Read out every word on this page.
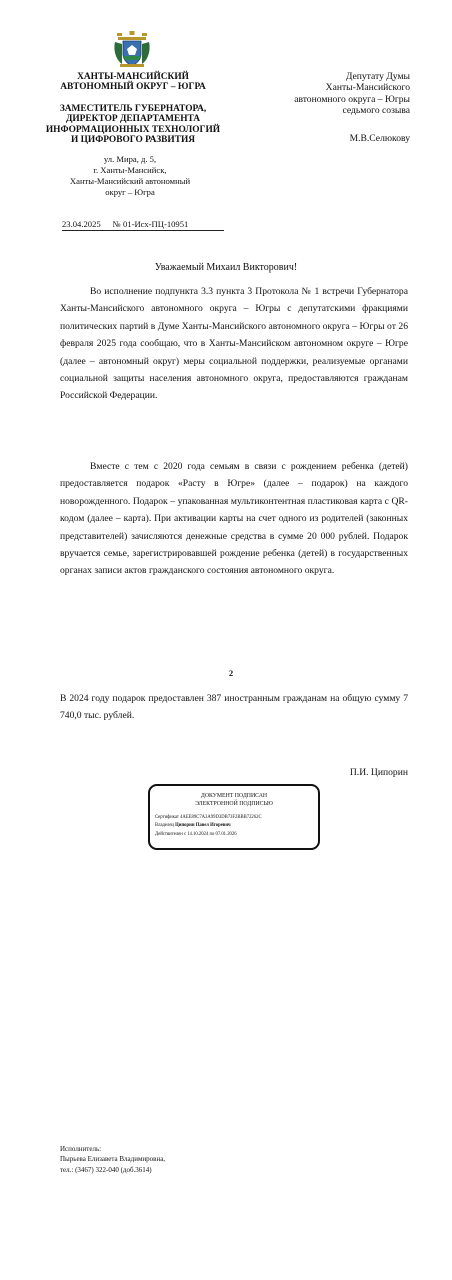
ХАНТЫ-МАНСИЙСКИЙ
АВТОНОМНЫЙ ОКРУГ – ЮГРА
ЗАМЕСТИТЕЛЬ ГУБЕРНАТОРА,
ДИРЕКТОР ДЕПАРТАМЕНТА
ИНФОРМАЦИОННЫХ ТЕХНОЛОГИЙ
И ЦИФРОВОГО РАЗВИТИЯ
ул. Мира, д. 5,
г. Ханты-Мансийск,
Ханты-Мансийский автономный
округ – Югра
23.04.2025 № 01-Исх-ПЦ-10951
Депутату Думы
Ханты-Мансийского
автономного округа – Югры
седьмого созыва
М.В.Селюкову
Уважаемый Михаил Викторович!

Во исполнение подпункта 3.3 пункта 3 Протокола № 1 встречи Губернатора Ханты-Мансийского автономного округа – Югры с депутатскими фракциями политических партий в Думе Ханты-Мансийского автономного округа – Югры от 26 февраля 2025 года сообщаю, что в Ханты-Мансийском автономном округе – Югре (далее – автономный округ) меры социальной поддержки, реализуемые органами социальной защиты населения автономного округа, предоставляются гражданам Российской Федерации.

Вместе с тем с 2020 года семьям в связи с рождением ребенка (детей) предоставляется подарок «Расту в Югре» (далее – подарок) на каждого новорожденного. Подарок – упакованная мультиконтентная пластиковая карта с QR-кодом (далее – карта). При активации карты на счет одного из родителей (законных представителей) зачисляются денежные средства в сумме 20 000 рублей. Подарок вручается семье, зарегистрировавшей рождение ребенка (детей) в государственных органах записи актов гражданского состояния автономного округа.

2

В 2024 году подарок предоставлен 387 иностранным гражданам на общую сумму 7 740,0 тыс. рублей.

П.И. Ципорин
ДОКУМЕНТ ПОДПИСАН
ЭЛЕКТРОННОЙ ПОДПИСЬЮ
Сертификат 4AEE89C7A3A99D3DB73F2BBB72262C
Владелец Ципорин Павел Игоревич
Действителен с 14.10.2024 по 07.01.2026
Исполнитель:
Пырьева Елизавета Владимировна,
тел.: (3467) 322-040 (доб.3614)
